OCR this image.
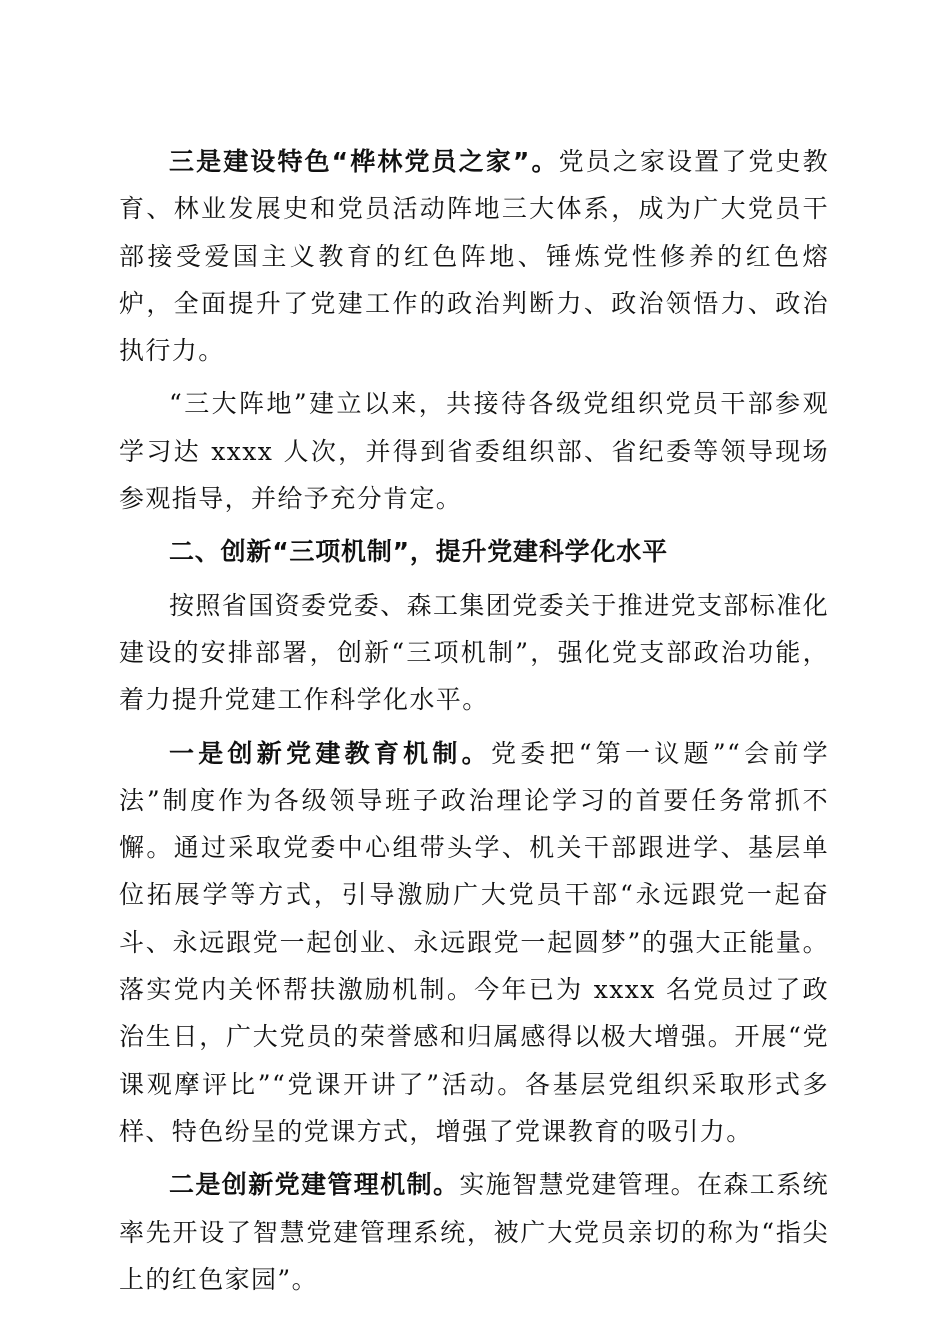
三是建设特色“桦林党员之家”。党员之家设置了党史教育、林业发展史和党员活动阵地三大体系，成为广大党员干部接受爱国主义教育的红色阵地、锤炼党性修养的红色熔炉，全面提升了党建工作的政治判断力、政治领悟力、政治执行力。

“三大阵地”建立以来，共接待各级党组织党员干部参观学习达 xxxx 人次，并得到省委组织部、省纪委等领导现场参观指导，并给予充分肯定。

二、创新“三项机制”，提升党建科学化水平

按照省国资委党委、森工集团党委关于推进党支部标准化建设的安排部署，创新“三项机制”，强化党支部政治功能，着力提升党建工作科学化水平。

一是创新党建教育机制。党委把“第一议题”“会前学法”制度作为各级领导班子政治理论学习的首要任务常抓不懈。通过采取党委中心组带头学、机关干部跟进学、基层单位拓展学等方式，引导激励广大党员干部“永远跟党一起奋斗、永远跟党一起创业、永远跟党一起圆梦”的强大正能量。落实党内关怀帮扶激励机制。今年已为 xxxx 名党员过了政治生日，广大党员的荣誉感和归属感得以极大增强。开展“党课观摩评比”“党课开讲了”活动。各基层党组织采取形式多样、特色纷呈的党课方式，增强了党课教育的吸引力。

二是创新党建管理机制。实施智慧党建管理。在森工系统率先开设了智慧党建管理系统，被广大党员亲切的称为“指尖上的红色家园”。
